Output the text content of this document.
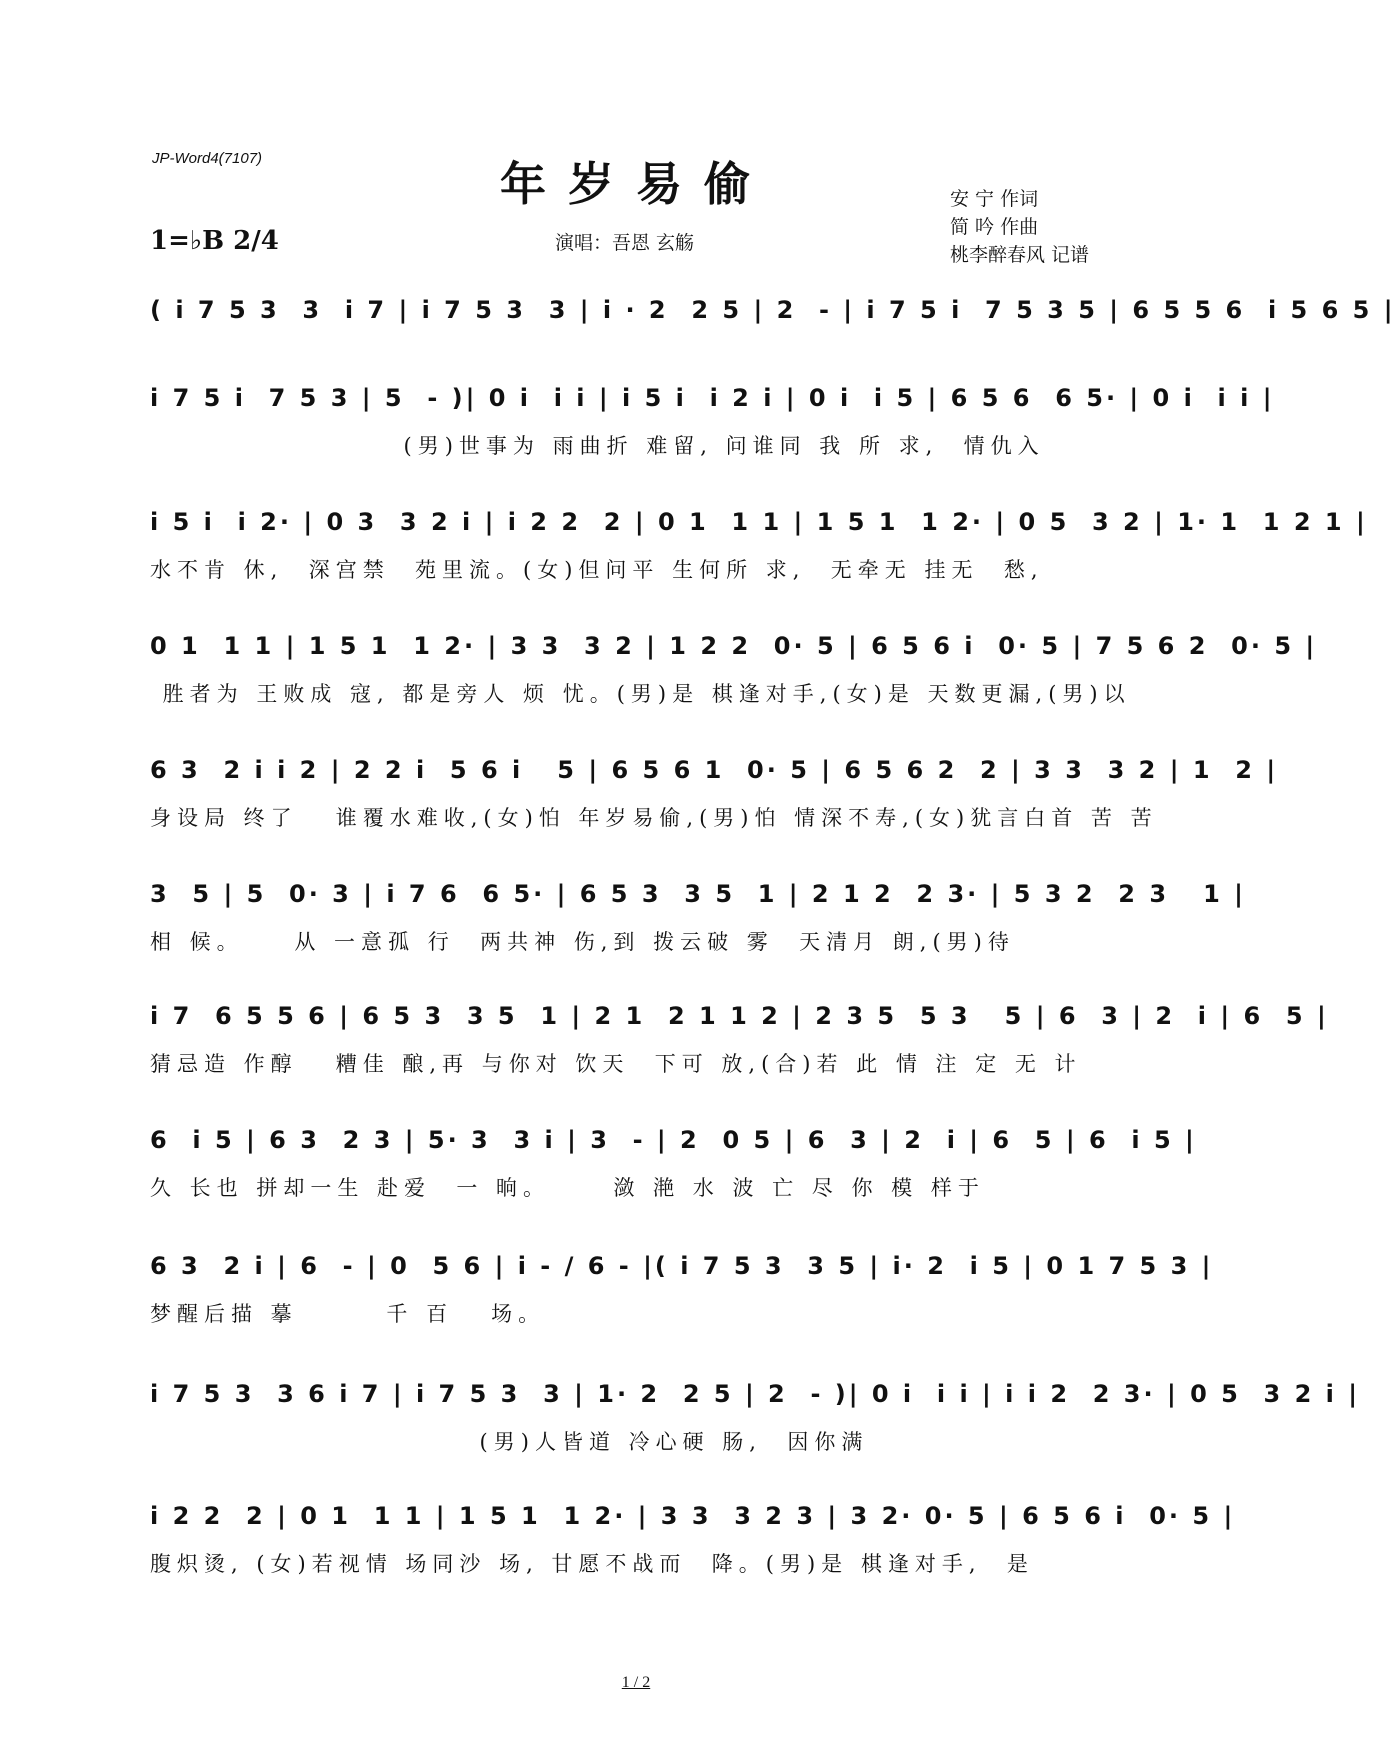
JP-Word4(7107)	年岁易偷
1=♭B 2/4	演唱：吾恩 玄觞
安 宁 作词
简 吟 作曲
桃李醉春风 记谱
( i 7 5 3  3  i 7 | i 7 5 3  3 | i · 2  2 5 | 2  - | i 7 5 i  7 5 3 5 | 6 5 5 6  i 5 6 5 |
i 7 5 i  7 5 3 | 5  - )| 0 i  i i | i 5 i  i 2 i | 0 i  i 5 | 6 5 6  6 5· | 0 i  i i |
(男)世事为 雨曲折 难留, 问谁同 我 所 求,  情仇入
i 5 i  i 2· | 0 3  3 2 i | i 2 2  2 | 0 1  1 1 | 1 5 1  1 2· | 0 5  3 2 | 1· 1  1 2 1 |
水不肯 休,  深宫禁  苑里流。(女)但问平 生何所 求,  无牵无 挂无  愁,
0 1  1 1 | 1 5 1  1 2· | 3 3  3 2 | 1 2 2  0· 5 | 6 5 6 i  0· 5 | 7 5 6 2  0· 5 |
胜者为 王败成 寇, 都是旁人 烦 忧。(男)是 棋逢对手,(女)是 天数更漏,(男)以
6 3  2 i i 2 | 2 2 i  5 6 i   5 | 6 5 6 1  0· 5 | 6 5 6 2  2 | 3 3  3 2 | 1  2 |
身设局 终了   谁覆水难收,(女)怕 年岁易偷,(男)怕 情深不寿,(女)犹言白首 苦 苦
3  5 | 5  0· 3 | i 7 6  6 5· | 6 5 3  3 5  1 | 2 1 2  2 3· | 5 3 2  2 3   1 |
相 候。    从 一意孤 行  两共神 伤,到 拨云破 雾  天清月 朗,(男)待
i 7  6 5 5 6 | 6 5 3  3 5  1 | 2 1  2 1 1 2 | 2 3 5  5 3   5 | 6  3 | 2  i | 6  5 |
猜忌造 作醇   糟佳 酿,再 与你对 饮天  下可 放,(合)若 此 情 注 定 无 计
6  i 5 | 6 3  2 3 | 5· 3  3 i | 3  - | 2  0 5 | 6  3 | 2  i | 6  5 | 6  i 5 |
久 长也 拼却一生 赴爱  一 晌。     潋 滟 水 波 亡 尽 你 模 样于
6 3  2 i | 6  - | 0  5 6 | i - / 6 - |( i 7 5 3  3 5 | i· 2  i 5 | 0 1 7 5 3 |
梦醒后描 摹       千 百   场。
i 7 5 3  3 6 i 7 | i 7 5 3  3 | 1· 2  2 5 | 2  - )| 0 i  i i | i i 2  2 3· | 0 5  3 2 i |
(男)人皆道 冷心硬 肠,  因你满
i 2 2  2 | 0 1  1 1 | 1 5 1  1 2· | 3 3  3 2 3 | 3 2· 0· 5 | 6 5 6 i  0· 5 |
腹炽烫, (女)若视情 场同沙 场, 甘愿不战而  降。(男)是 棋逢对手,  是
1 / 2
